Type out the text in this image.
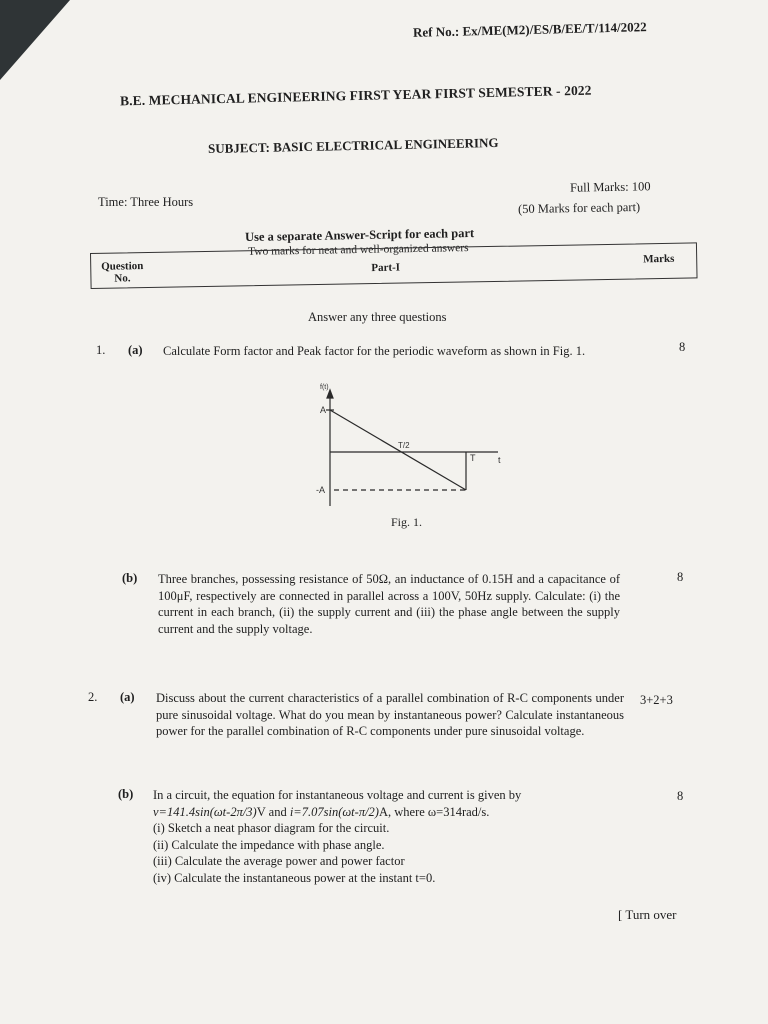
Ref No.: Ex/ME(M2)/ES/B/EE/T/114/2022
B.E. MECHANICAL ENGINEERING FIRST YEAR FIRST SEMESTER - 2022
SUBJECT: BASIC ELECTRICAL ENGINEERING
Time: Three Hours
Full Marks: 100
(50 Marks for each part)
Use a separate Answer-Script for each part
Two marks for neat and well-organized answers
Question
No.
Part-I
Marks
Answer any three questions
1. (a) Calculate Form factor and Peak factor for the periodic waveform as shown in Fig. 1.	8
f(t)
A
-A
T/2
T	t
Fig. 1.
(b) Three branches, possessing resistance of 50Ω, an inductance of 0.15H and a capacitance of 100μF, respectively are connected in parallel across a 100V, 50Hz supply. Calculate: (i) the current in each branch, (ii) the supply current and (iii) the phase angle between the supply current and the supply voltage.
8
2. (a) Discuss about the current characteristics of a parallel combination of R-C components under pure sinusoidal voltage. What do you mean by instantaneous power? Calculate instantaneous power for the parallel combination of R-C components under pure sinusoidal voltage.
3+2+3
(b) In a circuit, the equation for instantaneous voltage and current is given by
v=141.4sin(ωt-2π/3)V and i=7.07sin(ωt-π/2)A, where ω=314rad/s.
(i) Sketch a neat phasor diagram for the circuit.
(ii) Calculate the impedance with phase angle.
(iii) Calculate the average power and power factor
(iv) Calculate the instantaneous power at the instant t=0.
8
[ Turn over
